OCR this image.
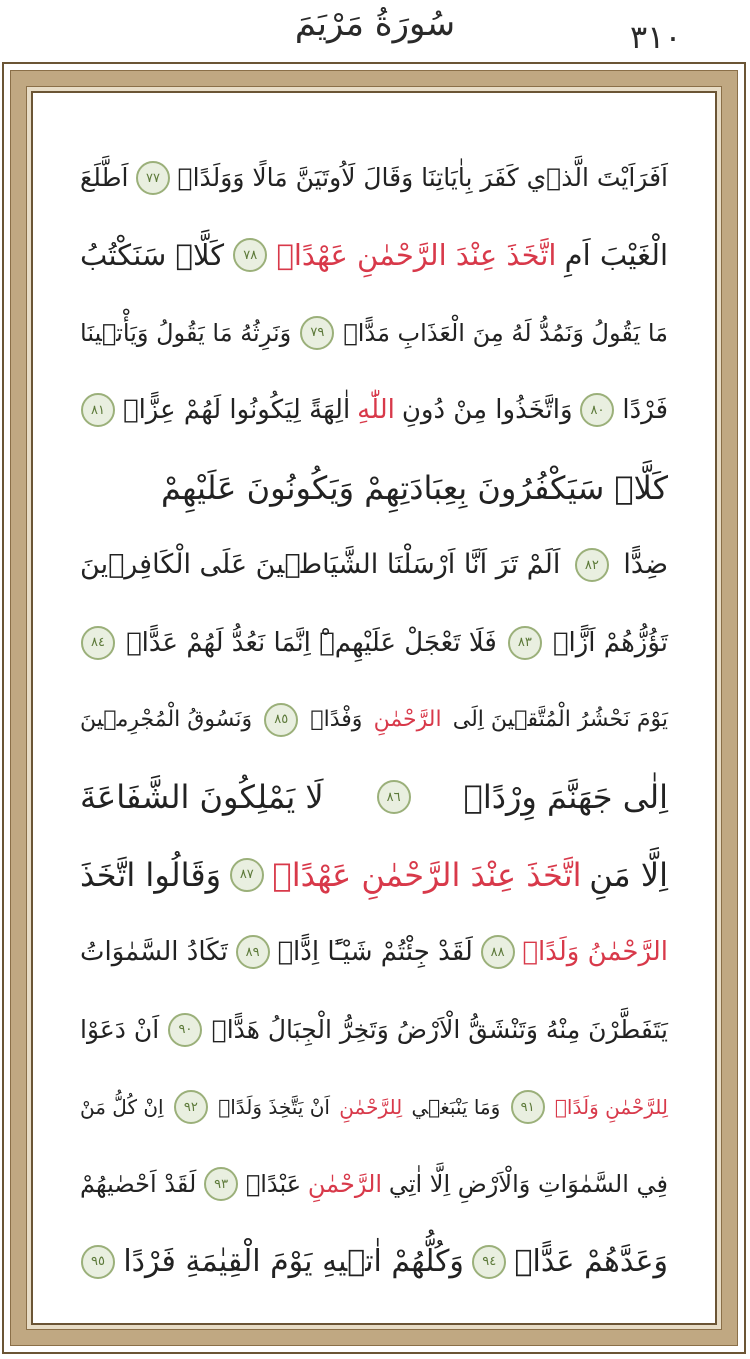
٣١٠
سُورَةُ مَرْيَمَ
اَفَرَاَيْتَ الَّذ۪ي كَفَرَ بِاٰيَاتِنَا وَقَالَ لَاُوتَيَنَّ مَالًا وَوَلَدًاۜ
٧٧
اَطَّلَعَ
الْغَيْبَ اَمِ
اتَّخَذَ عِنْدَ الرَّحْمٰنِ عَهْدًاۙ
٧٨
كَلَّاۜ سَنَكْتُبُ
مَا يَقُولُ وَنَمُدُّ لَهُ مِنَ الْعَذَابِ مَدًّاۙ
٧٩
وَنَرِثُهُ مَا يَقُولُ وَيَأْت۪ينَا
فَرْدًا
٨٠
وَاتَّخَذُوا مِنْ دُونِ
اللّٰهِ
اٰلِهَةً لِيَكُونُوا لَهُمْ عِزًّاۙ
٨١
كَلَّاۜ سَيَكْفُرُونَ بِعِبَادَتِهِمْ وَيَكُونُونَ عَلَيْهِمْ
ضِدًّا
٨٢
اَلَمْ تَرَ اَنَّا اَرْسَلْنَا الشَّيَاط۪ينَ عَلَى الْكَافِر۪ينَ
تَؤُزُّهُمْ اَزًّاۙ
٨٣
فَلَا تَعْجَلْ عَلَيْهِمْۜ اِنَّمَا نَعُدُّ لَهُمْ عَدًّاۚ
٨٤
يَوْمَ نَحْشُرُ الْمُتَّق۪ينَ اِلَى
الرَّحْمٰنِ
وَفْدًاۙ
٨٥
وَنَسُوقُ الْمُجْرِم۪ينَ
اِلٰى جَهَنَّمَ وِرْدًاۢ
٨٦
لَا يَمْلِكُونَ الشَّفَاعَةَ
اِلَّا مَنِ
اتَّخَذَ عِنْدَ الرَّحْمٰنِ عَهْدًاۢ
٨٧
وَقَالُوا اتَّخَذَ
الرَّحْمٰنُ وَلَدًاۜ
٨٨
لَقَدْ جِئْتُمْ شَيْـًٔا اِدًّاۙ
٨٩
تَكَادُ السَّمٰوَاتُ
يَتَفَطَّرْنَ مِنْهُ وَتَنْشَقُّ الْاَرْضُ وَتَخِرُّ الْجِبَالُ هَدًّاۙ
٩٠
اَنْ دَعَوْا
لِلرَّحْمٰنِ وَلَدًاۚ
٩١
وَمَا يَنْبَغ۪ي
لِلرَّحْمٰنِ
اَنْ يَتَّخِذَ وَلَدًاۜ
٩٢
اِنْ كُلُّ مَنْ
فِي السَّمٰوَاتِ وَالْاَرْضِ اِلَّا اٰتِي
الرَّحْمٰنِ
عَبْدًاۜ
٩٣
لَقَدْ اَحْصٰيهُمْ
وَعَدَّهُمْ عَدًّاۜ
٩٤
وَكُلُّهُمْ اٰت۪يهِ يَوْمَ الْقِيٰمَةِ فَرْدًا
٩٥
